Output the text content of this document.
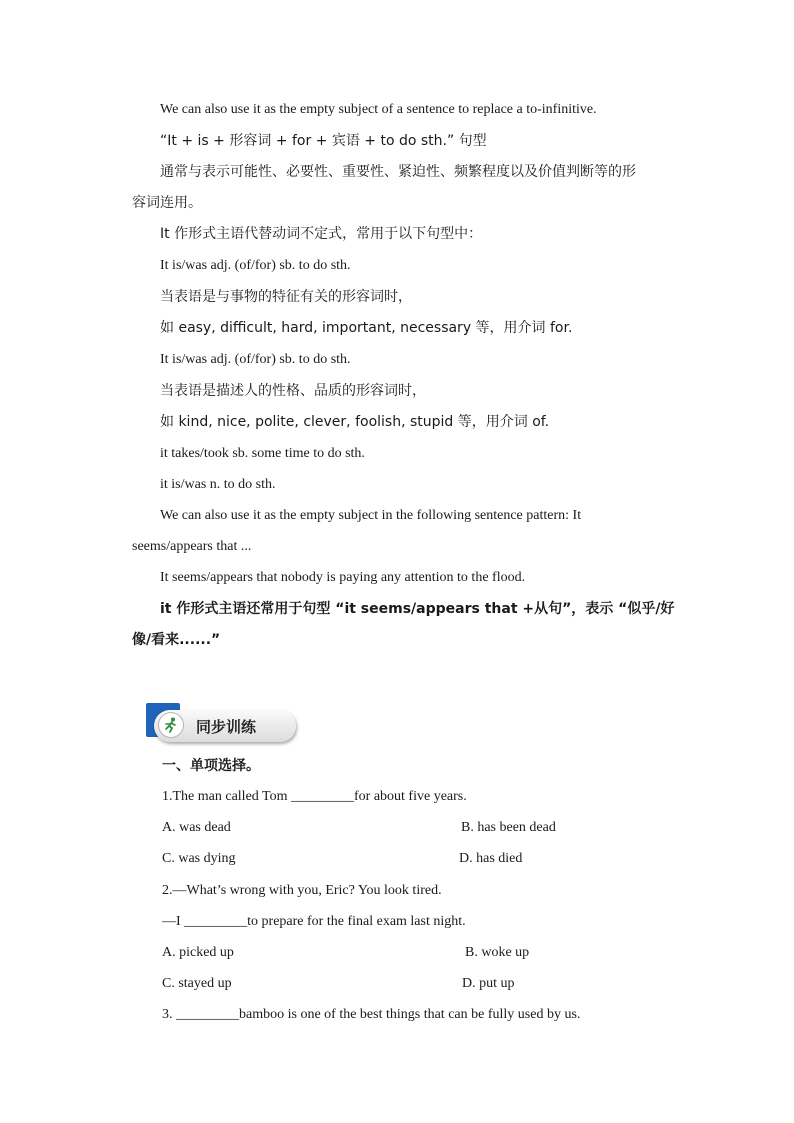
We can also use it as the empty subject of a sentence to replace a to-infinitive.
“It + is + 形容词 + for + 宾语 + to do sth.” 句型
通常与表示可能性、必要性、重要性、紧迫性、频繁程度以及价值判断等的形
容词连用。
It 作形式主语代替动词不定式，常用于以下句型中：
It is/was adj. (of/for) sb. to do sth.
当表语是与事物的特征有关的形容词时，
如 easy, difficult, hard, important, necessary 等，用介词 for.
It is/was adj. (of/for) sb. to do sth.
当表语是描述人的性格、品质的形容词时，
如 kind, nice, polite, clever, foolish, stupid 等，用介词 of.
it takes/took sb. some time to do sth.
it is/was n. to do sth.
We can also use it as the empty subject in the following sentence pattern: It
seems/appears that ...
It seems/appears that nobody is paying any attention to the flood.
it 作形式主语还常用于句型 “it seems/appears that +从句”，表示 “似乎/好
像/看来......”
同步训练
一、单项选择。
1.The man called Tom _________for about five years.
A. was dead	B. has been dead
C. was dying	D. has died
2.—What’s wrong with you, Eric? You look tired.
—I _________to prepare for the final exam last night.
A. picked up	B. woke up
C. stayed up	D. put up
3. _________bamboo is one of the best things that can be fully used by us.
